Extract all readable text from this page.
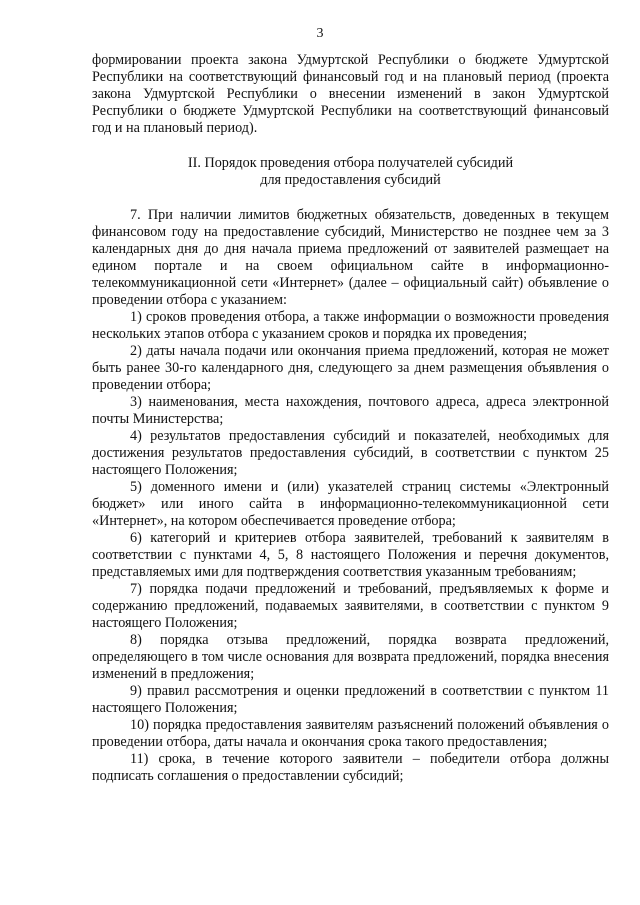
3

формировании проекта закона Удмуртской Республики о бюджете Удмуртской Республики на соответствующий финансовый год и на плановый период (проекта закона Удмуртской Республики о внесении изменений в закон Удмуртской Республики о бюджете Удмуртской Республики на соответствующий финансовый год и на плановый период).

II. Порядок проведения отбора получателей субсидий
для предоставления субсидий

7. При наличии лимитов бюджетных обязательств, доведенных в текущем финансовом году на предоставление субсидий, Министерство не позднее чем за 3 календарных дня до дня начала приема предложений от заявителей размещает на едином портале и на своем официальном сайте в информационно-телекоммуникационной сети «Интернет» (далее – официальный сайт) объявление о проведении отбора с указанием:

1) сроков проведения отбора, а также информации о возможности проведения нескольких этапов отбора с указанием сроков и порядка их проведения;

2) даты начала подачи или окончания приема предложений, которая не может быть ранее 30-го календарного дня, следующего за днем размещения объявления о проведении отбора;

3) наименования, места нахождения, почтового адреса, адреса электронной почты Министерства;

4) результатов предоставления субсидий и показателей, необходимых для достижения результатов предоставления субсидий, в соответствии с пунктом 25 настоящего Положения;

5) доменного имени и (или) указателей страниц системы «Электронный бюджет» или иного сайта в информационно-телекоммуникационной сети «Интернет», на котором обеспечивается проведение отбора;

6) категорий и критериев отбора заявителей, требований к заявителям в соответствии с пунктами 4, 5, 8 настоящего Положения и перечня документов, представляемых ими для подтверждения соответствия указанным требованиям;

7) порядка подачи предложений и требований, предъявляемых к форме и содержанию предложений, подаваемых заявителями, в соответствии с пунктом 9 настоящего Положения;

8) порядка отзыва предложений, порядка возврата предложений, определяющего в том числе основания для возврата предложений, порядка внесения изменений в предложения;

9) правил рассмотрения и оценки предложений в соответствии с пунктом 11 настоящего Положения;

10) порядка предоставления заявителям разъяснений положений объявления о проведении отбора, даты начала и окончания срока такого предоставления;

11) срока, в течение которого заявители – победители отбора должны подписать соглашения о предоставлении субсидий;
